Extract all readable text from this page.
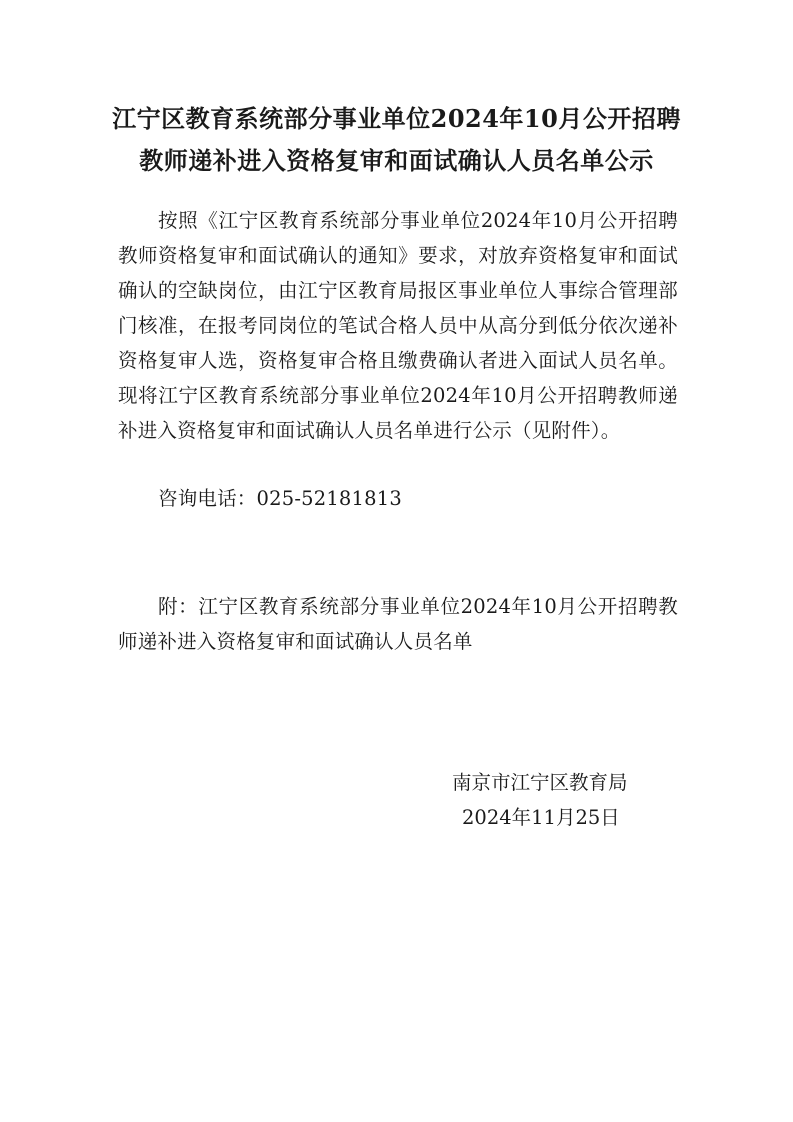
江宁区教育系统部分事业单位2024年10月公开招聘
教师递补进入资格复审和面试确认人员名单公示
按照《江宁区教育系统部分事业单位2024年10月公开招聘教师资格复审和面试确认的通知》要求，对放弃资格复审和面试确认的空缺岗位，由江宁区教育局报区事业单位人事综合管理部门核准，在报考同岗位的笔试合格人员中从高分到低分依次递补资格复审人选，资格复审合格且缴费确认者进入面试人员名单。现将江宁区教育系统部分事业单位2024年10月公开招聘教师递补进入资格复审和面试确认人员名单进行公示（见附件）。
咨询电话：025-52181813
附：江宁区教育系统部分事业单位2024年10月公开招聘教师递补进入资格复审和面试确认人员名单
南京市江宁区教育局
2024年11月25日
